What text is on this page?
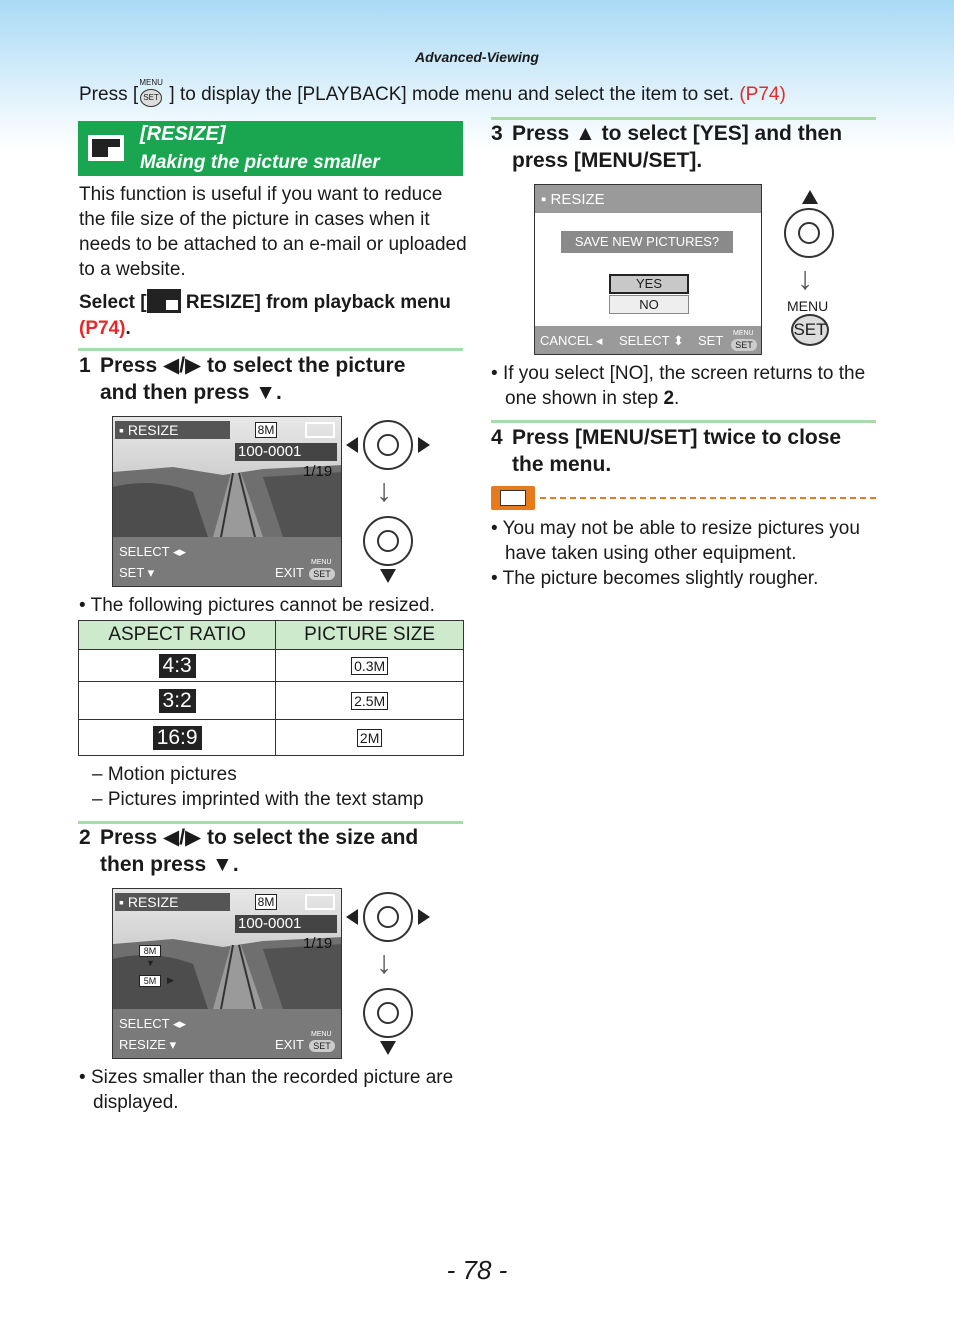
Advanced-Viewing
Press [
MENU
SET ] to display the [PLAYBACK] mode menu and select the item to set. (P74)
[RESIZE]
Making the picture smaller
This function is useful if you want to reduce the file size of the picture in cases when it needs to be attached to an e-mail or uploaded to a website.
Select [ RESIZE] from playback menu (P74).
1 Press ◀/▶ to select the picture
and then press ▼.
▪ RESIZE	8M
100-0001
1/19
SELECT ◂▸
SET ▾	EXIT
MENU
SET
↓
• The following pictures cannot be resized.
ASPECT RATIO	PICTURE SIZE
4:3	0.3M
3:2	2.5M
16:9	2M
– Motion pictures
– Pictures imprinted with the text stamp
2 Press ◀/▶ to select the size and
then press ▼.
▪ RESIZE	8M
100-0001
1/19
8M
▼
5M	▶
SELECT ◂▸
RESIZE ▾	EXIT
MENU
SET
↓
• Sizes smaller than the recorded picture are displayed.
3 Press ▲ to select [YES] and then
press [MENU/SET].
▪ RESIZE
SAVE NEW PICTURES?
YES
NO
CANCEL ◂ SELECT ⬍ SET MENU
SET
↓
MENU
SET
• If you select [NO], the screen returns to the one shown in step 2.
4 Press [MENU/SET] twice to close
the menu.
• You may not be able to resize pictures you have taken using other equipment.
• The picture becomes slightly rougher.
- 78 -
